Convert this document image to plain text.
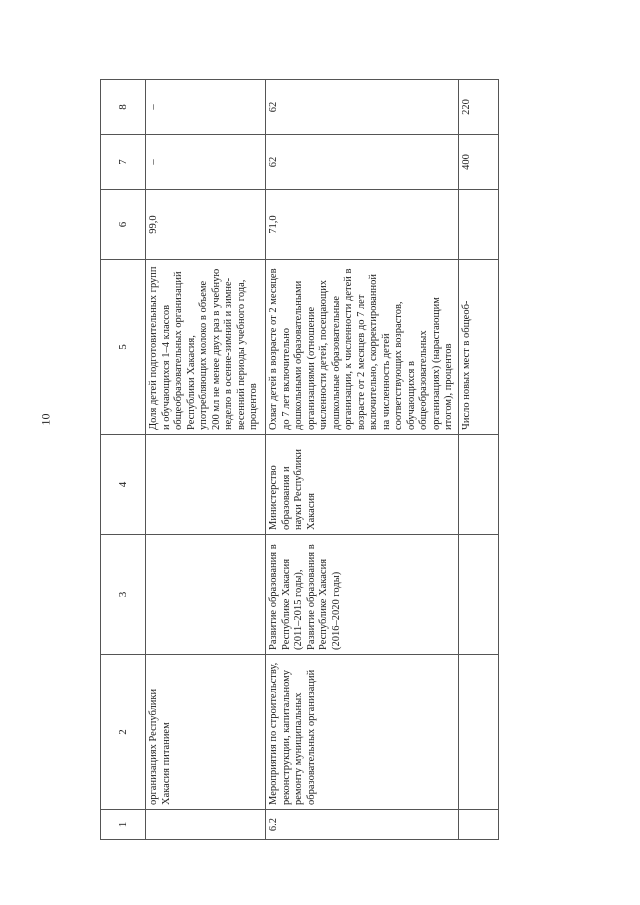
10
1	2	3	4	5	6	7	8
	организациях Республики Хакасия питанием			Доля детей подготовительных групп и обучающихся 1–4 классов общеобразовательных организаций Республики Хакасия, употребляющих молоко в объеме 200 мл не менее двух раз в учебную неделю в осенне-зимний и зимне-весенний периоды учебного года, процентов	99,0	–	–
6.2	Мероприятия по строительству, реконструкции, капитальному ремонту муниципальных образовательных организаций	Развитие образования в Республике Хакасия (2011–2015 годы), Развитие образования в Республике Хакасия (2016–2020 годы)	Министерство образования и науки Республики Хакасия	Охват детей в возрасте от 2 месяцев до 7 лет включительно дошкольными образовательными организациями (отношение численности детей, посещающих дошкольные образовательные организации, к численности детей в возрасте от 2 месяцев до 7 лет включительно, скорректированной на численность детей соответствующих возрастов, обучающихся в общеобразовательных организациях) (нарастающим итогом), процентов	71,0	62	62
				Число новых мест в общеоб-		400	220
